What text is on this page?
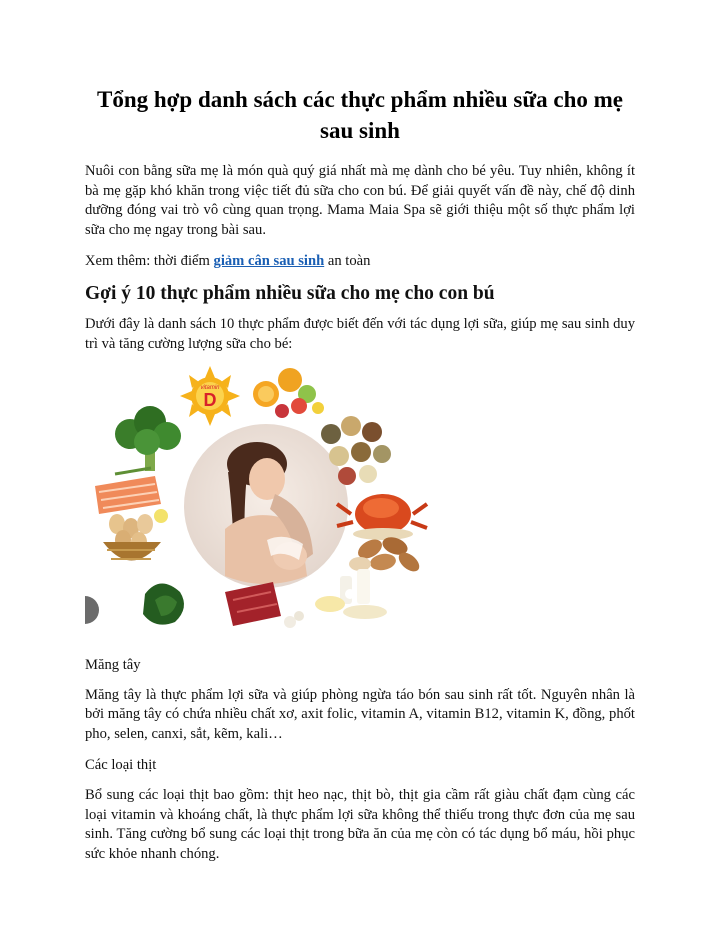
Tổng hợp danh sách các thực phẩm nhiều sữa cho mẹ sau sinh

Nuôi con bằng sữa mẹ là món quà quý giá nhất mà mẹ dành cho bé yêu. Tuy nhiên, không ít bà mẹ gặp khó khăn trong việc tiết đủ sữa cho con bú. Để giải quyết vấn đề này, chế độ dinh dưỡng đóng vai trò vô cùng quan trọng. Mama Maia Spa sẽ giới thiệu một số thực phẩm lợi sữa cho mẹ ngay trong bài sau.

Xem thêm: thời điểm giảm cân sau sinh an toàn

Gợi ý 10 thực phẩm nhiều sữa cho mẹ cho con bú

Dưới đây là danh sách 10 thực phẩm được biết đến với tác dụng lợi sữa, giúp mẹ sau sinh duy trì và tăng cường lượng sữa cho bé:

vitamin
D

Măng tây

Măng tây là thực phẩm lợi sữa và giúp phòng ngừa táo bón sau sinh rất tốt. Nguyên nhân là bởi măng tây có chứa nhiều chất xơ, axit folic, vitamin A, vitamin B12, vitamin K, đồng, phốt pho, selen, canxi, sắt, kẽm, kali…

Các loại thịt

Bổ sung các loại thịt bao gồm: thịt heo nạc, thịt bò, thịt gia cầm rất giàu chất đạm cùng các loại vitamin và khoáng chất, là thực phẩm lợi sữa không thể thiếu trong thực đơn của mẹ sau sinh. Tăng cường bổ sung các loại thịt trong bữa ăn của mẹ còn có tác dụng bổ máu, hồi phục sức khỏe nhanh chóng.
